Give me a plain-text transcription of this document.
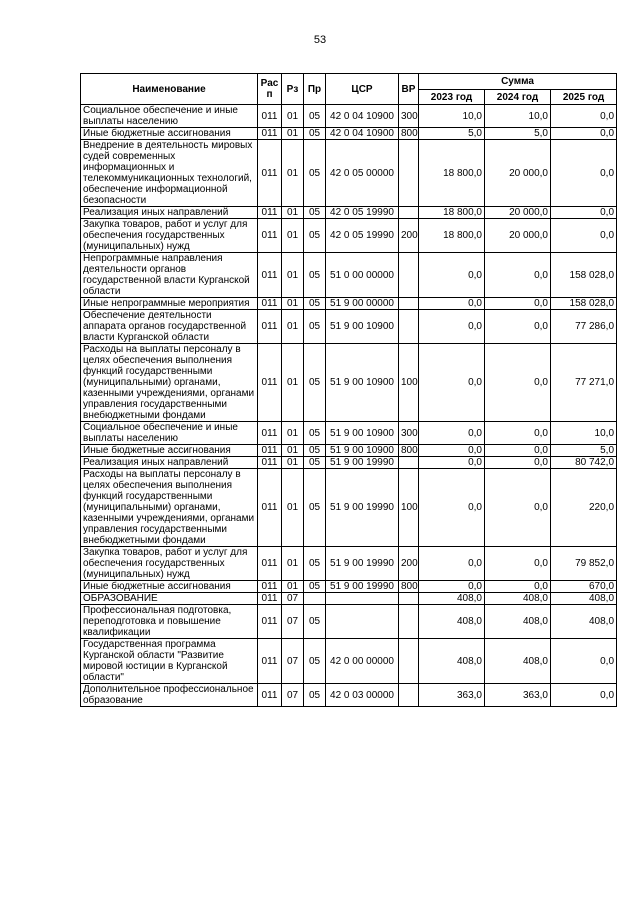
53
Наименование	Рас п	Рз	Пр	ЦСР	ВР	Сумма		
						2023 год	2024 год	2025 год
Социальное обеспечение и иные выплаты населению	011	01	05	42 0 04 10900	300	10,0	10,0	0,0
Иные бюджетные ассигнования	011	01	05	42 0 04 10900	800	5,0	5,0	0,0
Внедрение в деятельность мировых судей современных информационных и телекоммуникационных технологий, обеспечение информационной безопасности	011	01	05	42 0 05 00000		18 800,0	20 000,0	0,0
Реализация иных направлений	011	01	05	42 0 05 19990		18 800,0	20 000,0	0,0
Закупка товаров, работ и услуг для обеспечения государственных (муниципальных) нужд	011	01	05	42 0 05 19990	200	18 800,0	20 000,0	0,0
Непрограммные направления деятельности органов государственной власти Курганской области	011	01	05	51 0 00 00000		0,0	0,0	158 028,0
Иные непрограммные мероприятия	011	01	05	51 9 00 00000		0,0	0,0	158 028,0
Обеспечение деятельности аппарата органов государственной власти Курганской области	011	01	05	51 9 00 10900		0,0	0,0	77 286,0
Расходы на выплаты персоналу в целях обеспечения выполнения функций государственными (муниципальными) органами, казенными учреждениями, органами управления государственными внебюджетными фондами	011	01	05	51 9 00 10900	100	0,0	0,0	77 271,0
Социальное обеспечение и иные выплаты населению	011	01	05	51 9 00 10900	300	0,0	0,0	10,0
Иные бюджетные ассигнования	011	01	05	51 9 00 10900	800	0,0	0,0	5,0
Реализация иных направлений	011	01	05	51 9 00 19990		0,0	0,0	80 742,0
Расходы на выплаты персоналу в целях обеспечения выполнения функций государственными (муниципальными) органами, казенными учреждениями, органами управления государственными внебюджетными фондами	011	01	05	51 9 00 19990	100	0,0	0,0	220,0
Закупка товаров, работ и услуг для обеспечения государственных (муниципальных) нужд	011	01	05	51 9 00 19990	200	0,0	0,0	79 852,0
Иные бюджетные ассигнования	011	01	05	51 9 00 19990	800	0,0	0,0	670,0
ОБРАЗОВАНИЕ	011	07				408,0	408,0	408,0
Профессиональная подготовка, переподготовка и повышение квалификации	011	07	05			408,0	408,0	408,0
Государственная программа Курганской области "Развитие мировой юстиции в Курганской области"	011	07	05	42 0 00 00000		408,0	408,0	0,0
Дополнительное профессиональное образование	011	07	05	42 0 03 00000		363,0	363,0	0,0
